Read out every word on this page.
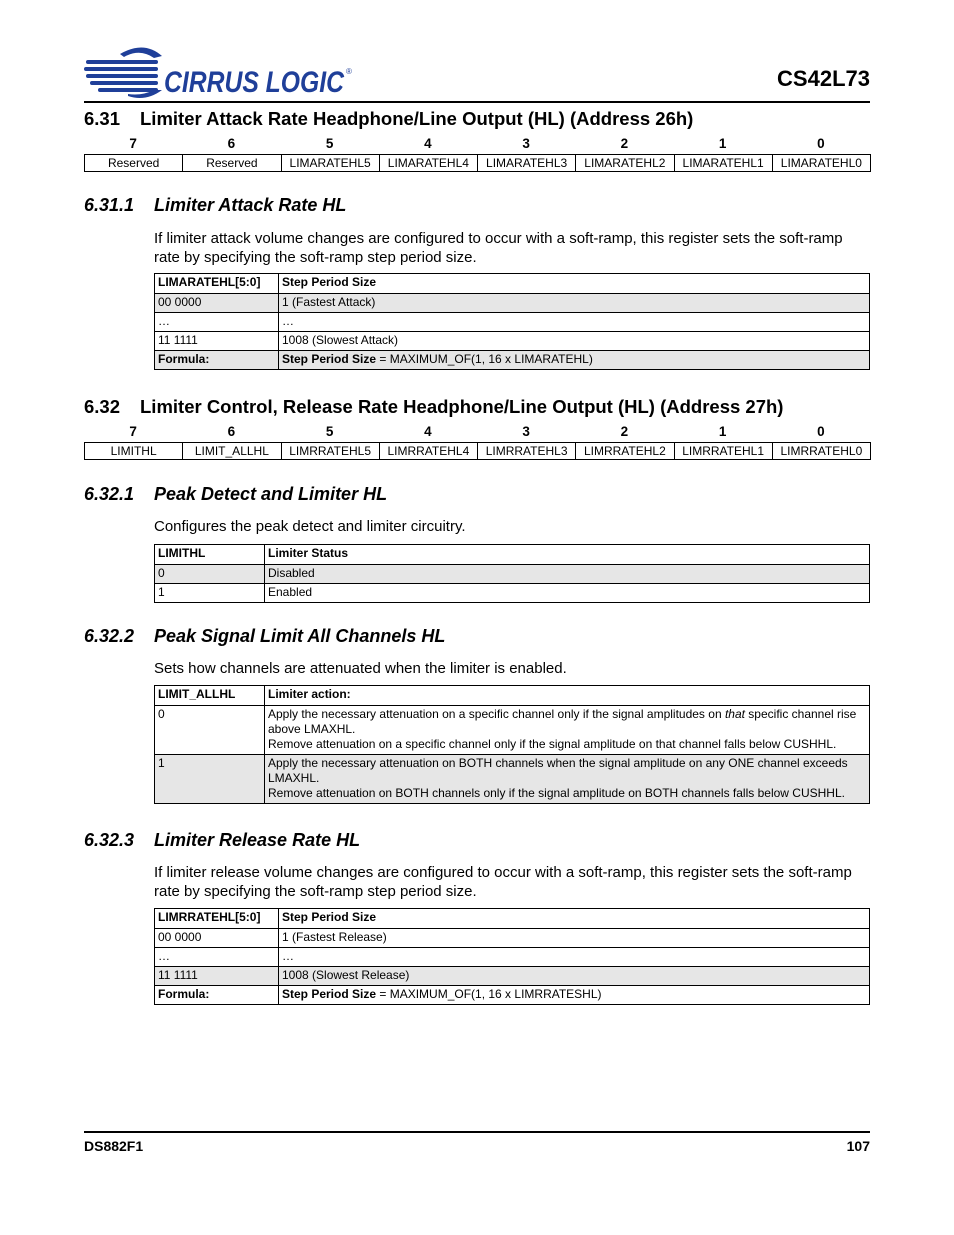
CIRRUS LOGIC ®	CS42L73
6.31 Limiter Attack Rate Headphone/Line Output (HL) (Address 26h)
7	6	5	4	3	2	1	0
Reserved	Reserved	LIMARATEHL5	LIMARATEHL4	LIMARATEHL3	LIMARATEHL2	LIMARATEHL1	LIMARATEHL0
6.31.1 Limiter Attack Rate HL

If limiter attack volume changes are configured to occur with a soft-ramp, this register sets the soft-ramp rate by specifying the soft-ramp step period size.

LIMARATEHL[5:0]	Step Period Size
00 0000	1 (Fastest Attack)
…	…
11 1111	1008 (Slowest Attack)
Formula:	Step Period Size = MAXIMUM_OF(1, 16 x LIMARATEHL)
6.32 Limiter Control, Release Rate Headphone/Line Output (HL) (Address 27h)
7	6	5	4	3	2	1	0
LIMITHL	LIMIT_ALLHL	LIMRRATEHL5	LIMRRATEHL4	LIMRRATEHL3	LIMRRATEHL2	LIMRRATEHL1	LIMRRATEHL0
6.32.1 Peak Detect and Limiter HL

Configures the peak detect and limiter circuitry.

LIMITHL	Limiter Status
0	Disabled
1	Enabled
6.32.2 Peak Signal Limit All Channels HL

Sets how channels are attenuated when the limiter is enabled.

LIMIT_ALLHL	Limiter action:
0	Apply the necessary attenuation on a specific channel only if the signal amplitudes on that specific channel rise above LMAXHL.
Remove attenuation on a specific channel only if the signal amplitude on that channel falls below CUSHHL.
1	Apply the necessary attenuation on BOTH channels when the signal amplitude on any ONE channel exceeds LMAXHL.
Remove attenuation on BOTH channels only if the signal amplitude on BOTH channels falls below CUSHHL.
6.32.3 Limiter Release Rate HL

If limiter release volume changes are configured to occur with a soft-ramp, this register sets the soft-ramp rate by specifying the soft-ramp step period size.

LIMRRATEHL[5:0]	Step Period Size
00 0000	1 (Fastest Release)
…	…
11 1111	1008 (Slowest Release)
Formula:	Step Period Size = MAXIMUM_OF(1, 16 x LIMRRATESHL)
DS882F1	107
